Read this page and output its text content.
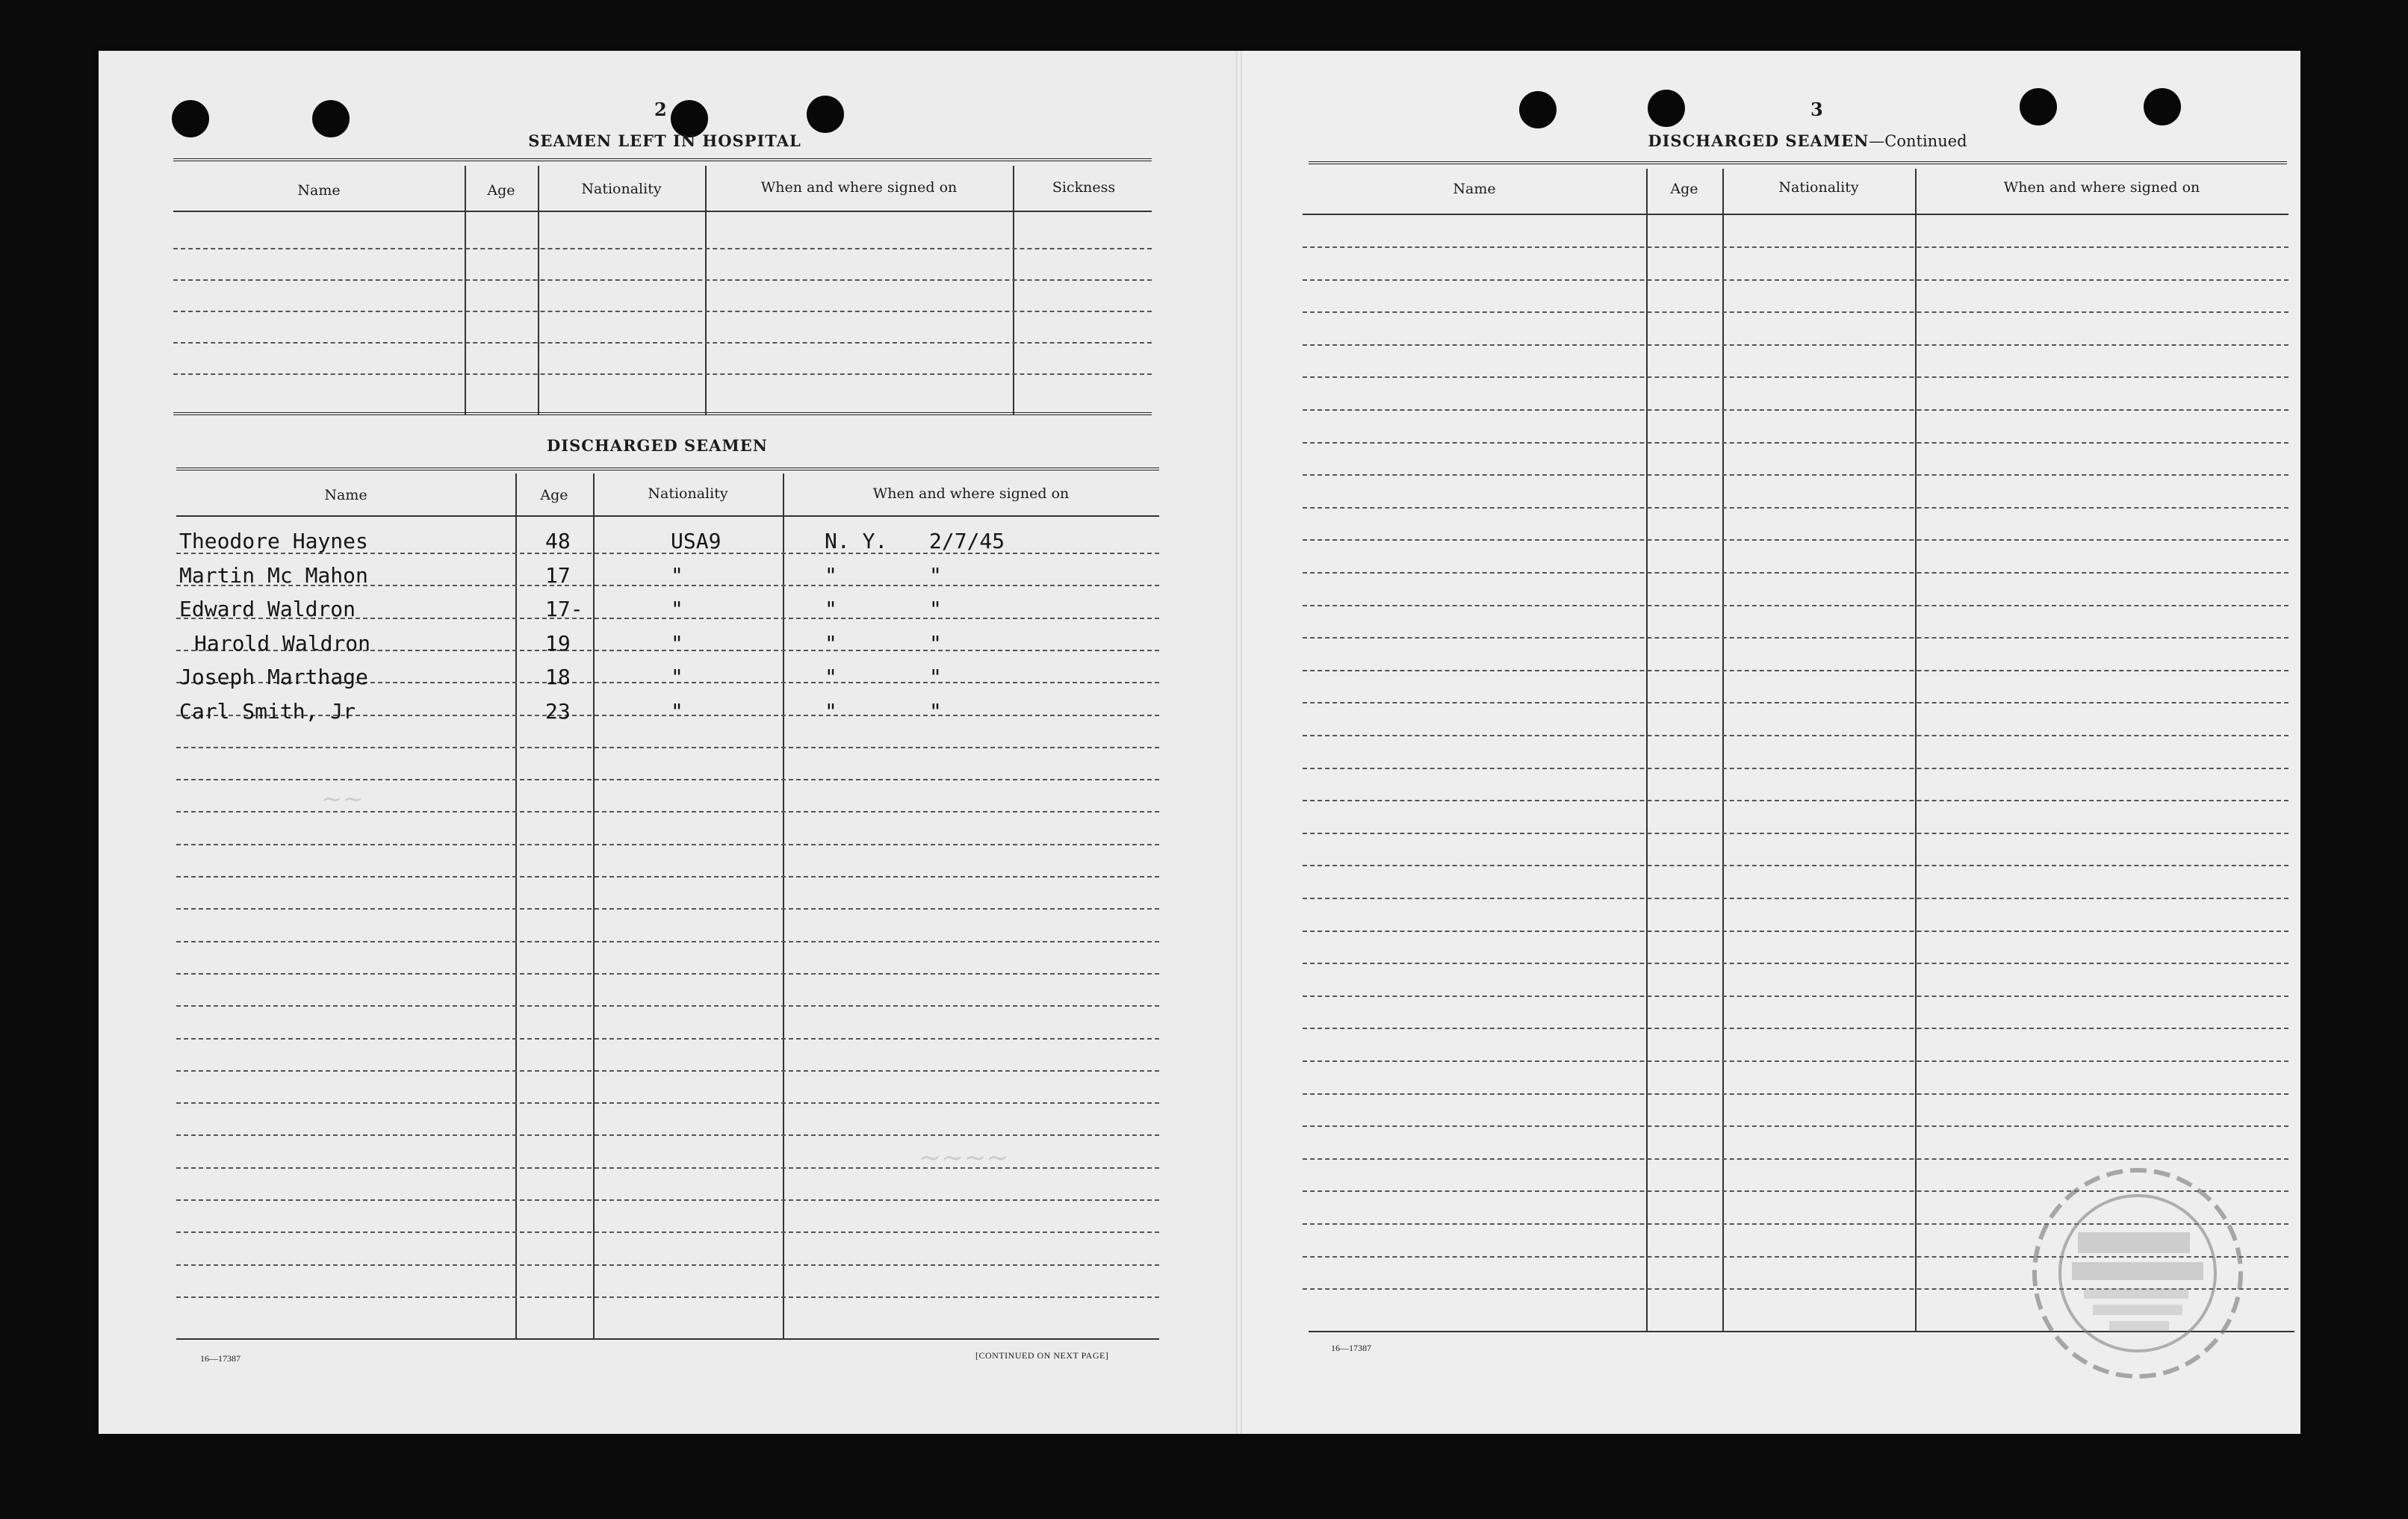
~~
~~~~
2
SEAMEN LEFT IN HOSPITAL
Name	Age	Nationality	When and where signed on	Sickness
DISCHARGED SEAMEN
Name	Age	Nationality	When and where signed on
Theodore Haynes	48	USA9	N. Y. 2/7/45
Martin Mc Mahon	17	"	"	"
Edward Waldron	17-	"	"	"
Harold Waldron	19	"	"	"
Joseph Marthage	18	"	"	"
Carl Smith, Jr	23	"	"	"
16—17387	[CONTINUED ON NEXT PAGE]
3
DISCHARGED SEAMEN—Continued
Name	Age	Nationality	When and where signed on
16—17387
